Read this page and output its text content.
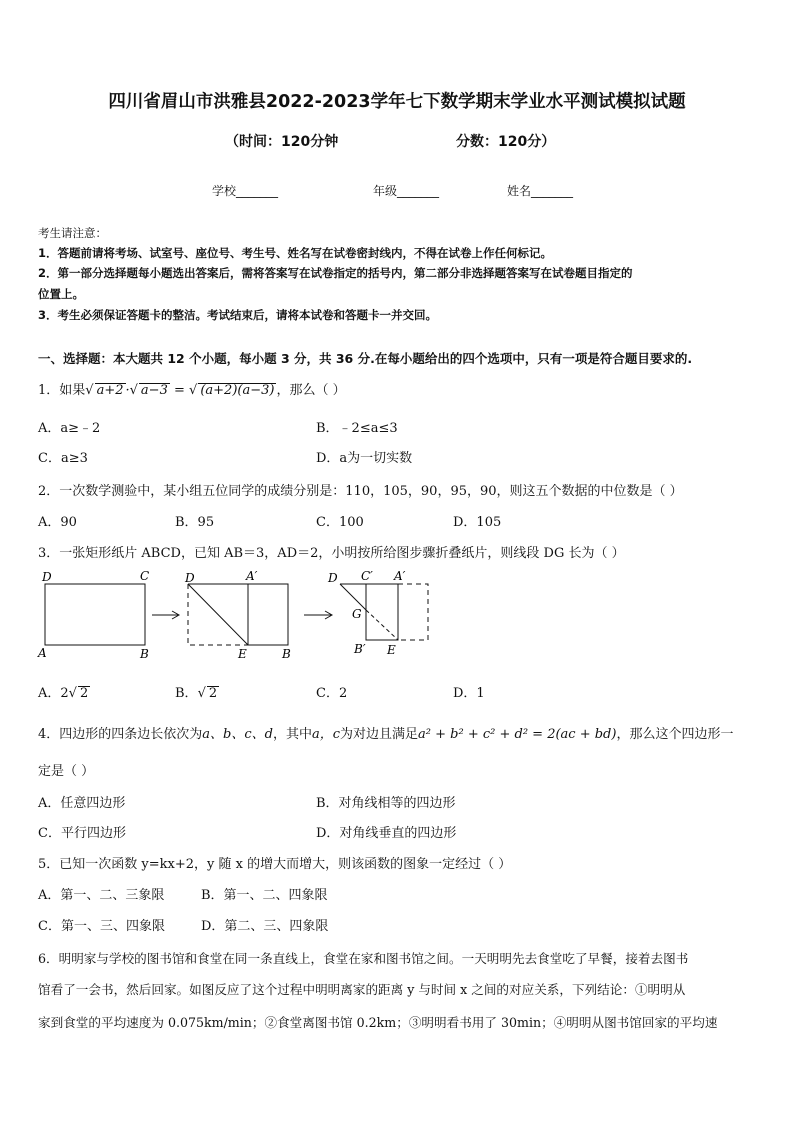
四川省眉山市洪雅县2022-2023学年七下数学期末学业水平测试模拟试题
（时间：120分钟	分数：120分）
学校_______	年级_______	姓名_______
考生请注意：
1．答题前请将考场、试室号、座位号、考生号、姓名写在试卷密封线内，不得在试卷上作任何标记。
2．第一部分选择题每小题选出答案后，需将答案写在试卷指定的括号内，第二部分非选择题答案写在试卷题目指定的
位置上。
3．考生必须保证答题卡的整洁。考试结束后，请将本试卷和答题卡一并交回。
一、选择题：本大题共 12 个小题，每小题 3 分，共 36 分.在每小题给出的四个选项中，只有一项是符合题目要求的.
1．如果√ a+2 ·√ a−3 = √ (a+2)(a−3) ，那么（ ）
A．a≥﹣2	B．﹣2≤a≤3
C．a≥3	D．a为一切实数
2．一次数学测验中，某小组五位同学的成绩分别是：110，105，90，95，90，则这五个数据的中位数是（ ）
A．90	B．95	C．100	D．105
3．一张矩形纸片 ABCD，已知 AB＝3，AD＝2，小明按所给图步骤折叠纸片，则线段 DG 长为（ ）
D	C
A	B
D	A′
E	B
D C′ A′
G
B′ E
A．2√ 2	B．√ 2	C．2	D．1
4．四边形的四条边长依次为a、b、c、d，其中a，c为对边且满足a² + b² + c² + d² = 2(ac + bd)，那么这个四边形一
定是（ ）
A．任意四边形	B．对角线相等的四边形
C．平行四边形	D．对角线垂直的四边形
5．已知一次函数 y=kx+2，y 随 x 的增大而增大，则该函数的图象一定经过（ ）
A．第一、二、三象限	B．第一、二、四象限
C．第一、三、四象限	D．第二、三、四象限
6．明明家与学校的图书馆和食堂在同一条直线上，食堂在家和图书馆之间。一天明明先去食堂吃了早餐，接着去图书
馆看了一会书，然后回家。如图反应了这个过程中明明离家的距离 y 与时间 x 之间的对应关系，下列结论：①明明从
家到食堂的平均速度为 0.075km/min；②食堂离图书馆 0.2km；③明明看书用了 30min；④明明从图书馆回家的平均速
